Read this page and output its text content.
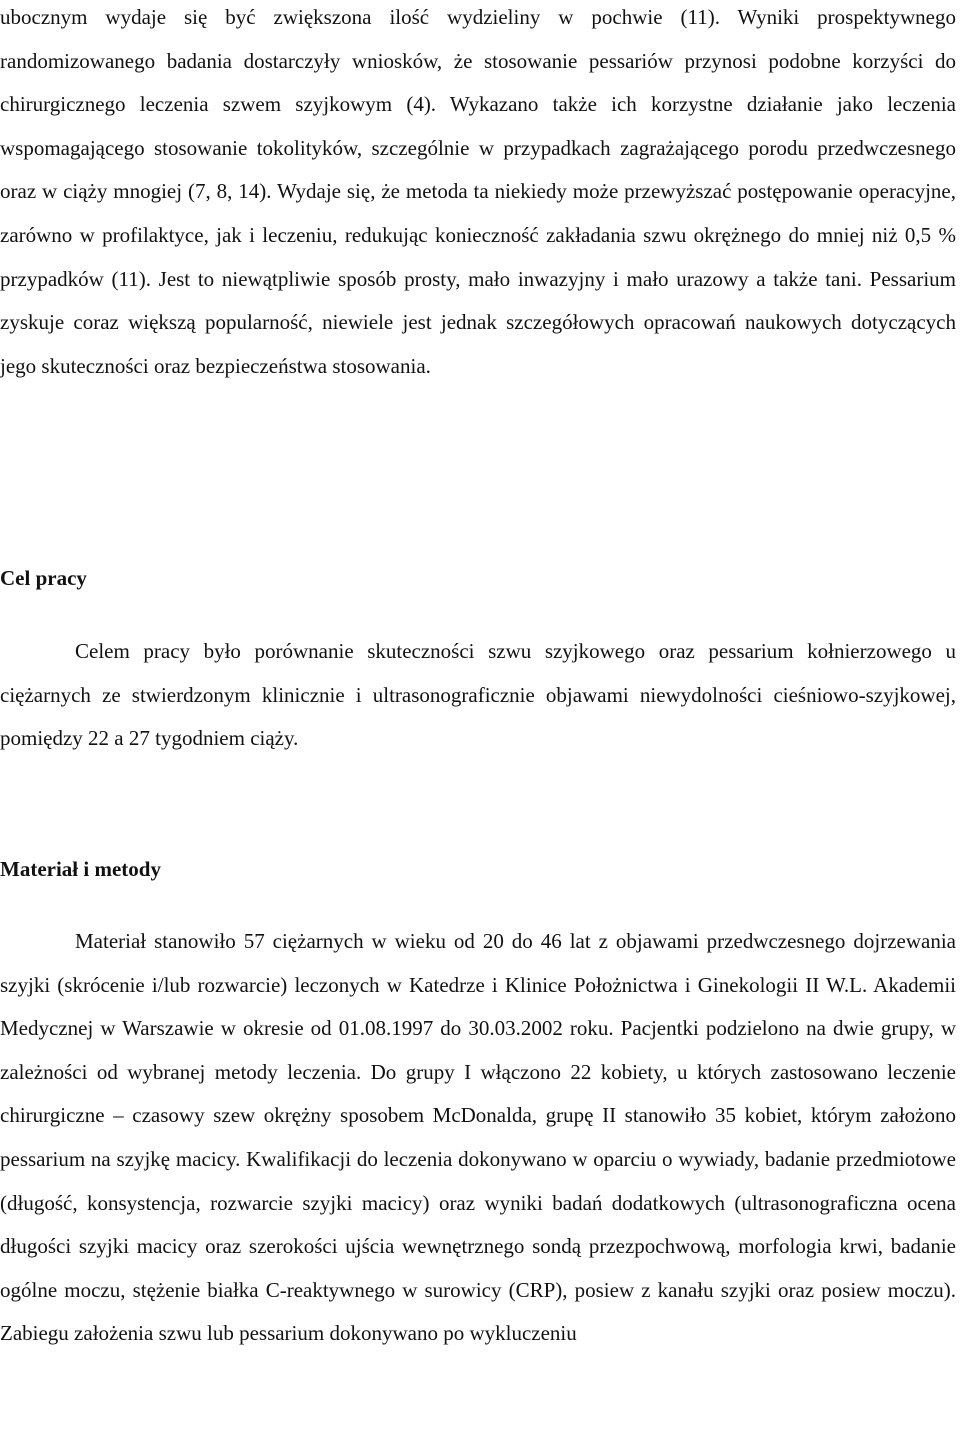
ubocznym wydaje się być zwiększona ilość wydzieliny w pochwie (11). Wyniki prospektywnego randomizowanego badania dostarczyły wniosków, że stosowanie pessariów przynosi podobne korzyści do chirurgicznego leczenia szwem szyjkowym (4). Wykazano także ich korzystne działanie jako leczenia wspomagającego stosowanie tokolityków, szczególnie w przypadkach zagrażającego porodu przedwczesnego oraz w ciąży mnogiej (7, 8, 14). Wydaje się, że metoda ta niekiedy może przewyższać postępowanie operacyjne, zarówno w profilaktyce, jak i leczeniu, redukując konieczność zakładania szwu okrężnego do mniej niż 0,5 % przypadków (11). Jest to niewątpliwie sposób prosty, mało inwazyjny i mało urazowy a także tani. Pessarium zyskuje coraz większą popularność, niewiele jest jednak szczegółowych opracowań naukowych dotyczących jego skuteczności oraz bezpieczeństwa stosowania.

Cel pracy

Celem pracy było porównanie skuteczności szwu szyjkowego oraz pessarium kołnierzowego u ciężarnych ze stwierdzonym klinicznie i ultrasonograficznie objawami niewydolności cieśniowo-szyjkowej, pomiędzy 22 a 27 tygodniem ciąży.

Materiał i metody

Materiał stanowiło 57 ciężarnych w wieku od 20 do 46 lat z objawami przedwczesnego dojrzewania szyjki (skrócenie i/lub rozwarcie) leczonych w Katedrze i Klinice Położnictwa i Ginekologii II W.L. Akademii Medycznej w Warszawie w okresie od 01.08.1997 do 30.03.2002 roku. Pacjentki podzielono na dwie grupy, w zależności od wybranej metody leczenia. Do grupy I włączono 22 kobiety, u których zastosowano leczenie chirurgiczne – czasowy szew okrężny sposobem McDonalda, grupę II stanowiło 35 kobiet, którym założono pessarium na szyjkę macicy. Kwalifikacji do leczenia dokonywano w oparciu o wywiady, badanie przedmiotowe (długość, konsystencja, rozwarcie szyjki macicy) oraz wyniki badań dodatkowych (ultrasonograficzna ocena długości szyjki macicy oraz szerokości ujścia wewnętrznego sondą przezpochwową, morfologia krwi, badanie ogólne moczu, stężenie białka C-reaktywnego w surowicy (CRP), posiew z kanału szyjki oraz posiew moczu). Zabiegu założenia szwu lub pessarium dokonywano po wykluczeniu
